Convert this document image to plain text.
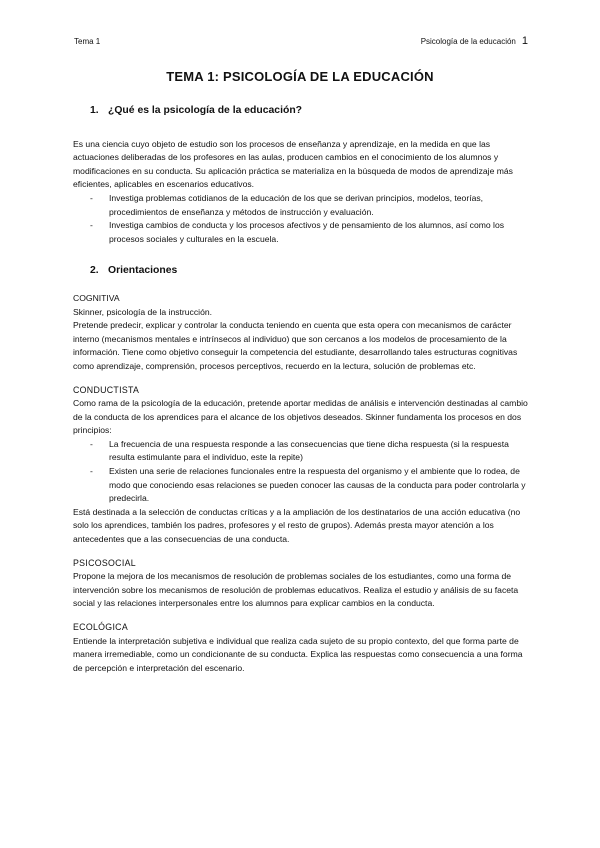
Tema 1	Psicología de la educación 1
TEMA 1: PSICOLOGÍA DE LA EDUCACIÓN
1. ¿Qué es la psicología de la educación?

Es una ciencia cuyo objeto de estudio son los procesos de enseñanza y aprendizaje, en la medida en que las actuaciones deliberadas de los profesores en las aulas, producen cambios en el conocimiento de los alumnos y modificaciones en su conducta. Su aplicación práctica se materializa en la búsqueda de modos de aprendizaje más eficientes, aplicables en escenarios educativos.

- Investiga problemas cotidianos de la educación de los que se derivan principios, modelos, teorías, procedimientos de enseñanza y métodos de instrucción y evaluación.
- Investiga cambios de conducta y los procesos afectivos y de pensamiento de los alumnos, así como los procesos sociales y culturales en la escuela.
2. Orientaciones
COGNITIVA

Skinner, psicología de la instrucción.

Pretende predecir, explicar y controlar la conducta teniendo en cuenta que esta opera con mecanismos de carácter interno (mecanismos mentales e intrínsecos al individuo) que son cercanos a los modelos de procesamiento de la información. Tiene como objetivo conseguir la competencia del estudiante, desarrollando tales estructuras cognitivas como aprendizaje, comprensión, procesos perceptivos, recuerdo en la lectura, solución de problemas etc.

CONDUCTISTA

Como rama de la psicología de la educación, pretende aportar medidas de análisis e intervención destinadas al cambio de la conducta de los aprendices para el alcance de los objetivos deseados. Skinner fundamenta los procesos en dos principios:

- La frecuencia de una respuesta responde a las consecuencias que tiene dicha respuesta (si la respuesta resulta estimulante para el individuo, este la repite)
- Existen una serie de relaciones funcionales entre la respuesta del organismo y el ambiente que lo rodea, de modo que conociendo esas relaciones se pueden conocer las causas de la conducta para poder controlarla y predecirla.

Está destinada a la selección de conductas críticas y a la ampliación de los destinatarios de una acción educativa (no solo los aprendices, también los padres, profesores y el resto de grupos). Además presta mayor atención a los antecedentes que a las consecuencias de una conducta.

PSICOSOCIAL

Propone la mejora de los mecanismos de resolución de problemas sociales de los estudiantes, como una forma de intervención sobre los mecanismos de resolución de problemas educativos. Realiza el estudio y análisis de su faceta social y las relaciones interpersonales entre los alumnos para explicar cambios en la conducta.

ECOLÓGICA

Entiende la interpretación subjetiva e individual que realiza cada sujeto de su propio contexto, del que forma parte de manera irremediable, como un condicionante de su conducta. Explica las respuestas como consecuencia a una forma de percepción e interpretación del escenario.
